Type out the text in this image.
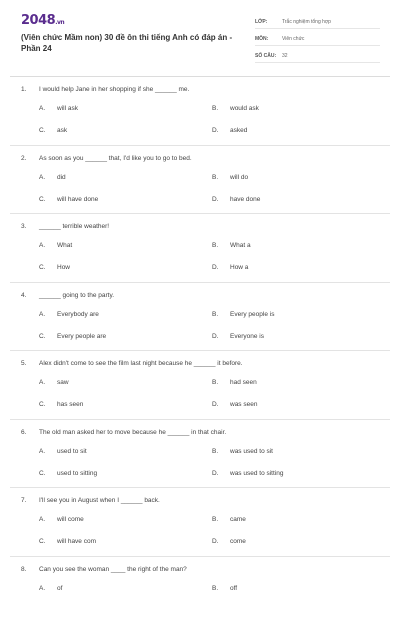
2048.vn
(Viên chức Mầm non) 30 đề ôn thi tiếng Anh có đáp án - Phần 24
LỚP:	Trắc nghiệm tổng hợp
MÔN:	Viên chức
SỐ CÂU:	32
1. I would help Jane in her shopping if she ______ me.
A. will ask	B. would ask
C. ask	D. asked
2. As soon as you ______ that, I'd like you to go to bed.
A. did	B. will do
C. will have done	D. have done
3. ______ terrible weather!
A. What	B. What a
C. How	D. How a
4. ______ going to the party.
A. Everybody are	B. Every people is
C. Every people are	D. Everyone is
5. Alex didn't come to see the film last night because he ______ it before.
A. saw	B. had seen
C. has seen	D. was seen
6. The old man asked her to move because he ______ in that chair.
A. used to sit	B. was used to sit
C. used to sitting	D. was used to sitting
7. I'll see you in August when I ______ back.
A. will come	B. came
C. will have com	D. come
8. Can you see the woman ____ the right of the man?
A. of	B. off
